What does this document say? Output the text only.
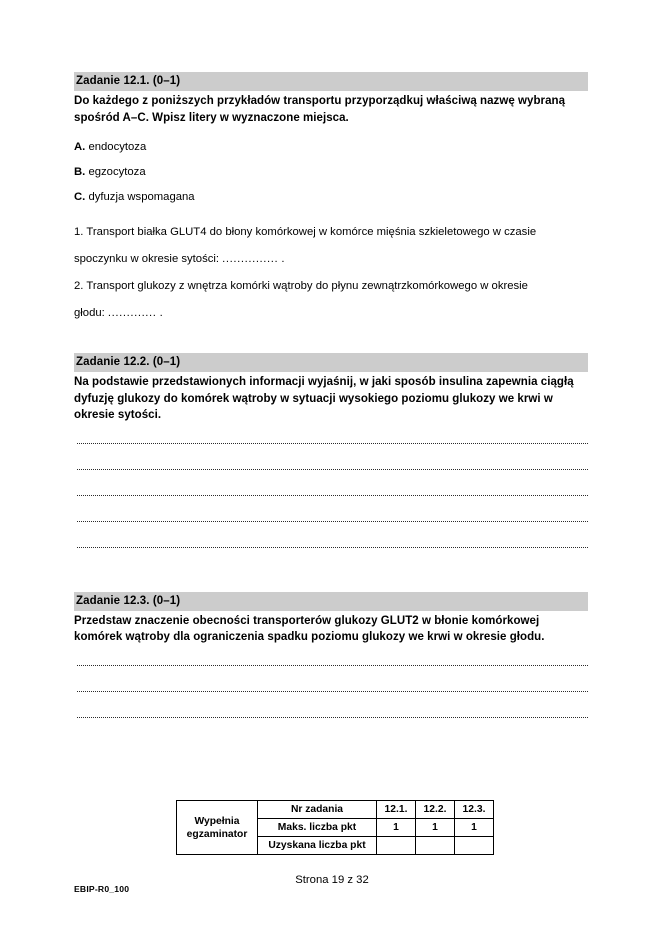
Zadanie 12.1. (0–1)
Do każdego z poniższych przykładów transportu przyporządkuj właściwą nazwę wybraną spośród A–C. Wpisz litery w wyznaczone miejsca.
A. endocytoza
B. egzocytoza
C. dyfuzja wspomagana
1. Transport białka GLUT4 do błony komórkowej w komórce mięśnia szkieletowego w czasie
spoczynku w okresie sytości: ............... .
2. Transport glukozy z wnętrza komórki wątroby do płynu zewnątrzkomórkowego w okresie
głodu: ............. .
Zadanie 12.2. (0–1)
Na podstawie przedstawionych informacji wyjaśnij, w jaki sposób insulina zapewnia ciągłą dyfuzję glukozy do komórek wątroby w sytuacji wysokiego poziomu glukozy we krwi w okresie sytości.
Zadanie 12.3. (0–1)
Przedstaw znaczenie obecności transporterów glukozy GLUT2 w błonie komórkowej komórek wątroby dla ograniczenia spadku poziomu glukozy we krwi w okresie głodu.
Wypełnia
egzaminator	Nr zadania	12.1.	12.2.	12.3.
	Maks. liczba pkt	1	1	1
	Uzyskana liczba pkt			
EBIP-R0_100
Strona 19 z 32
